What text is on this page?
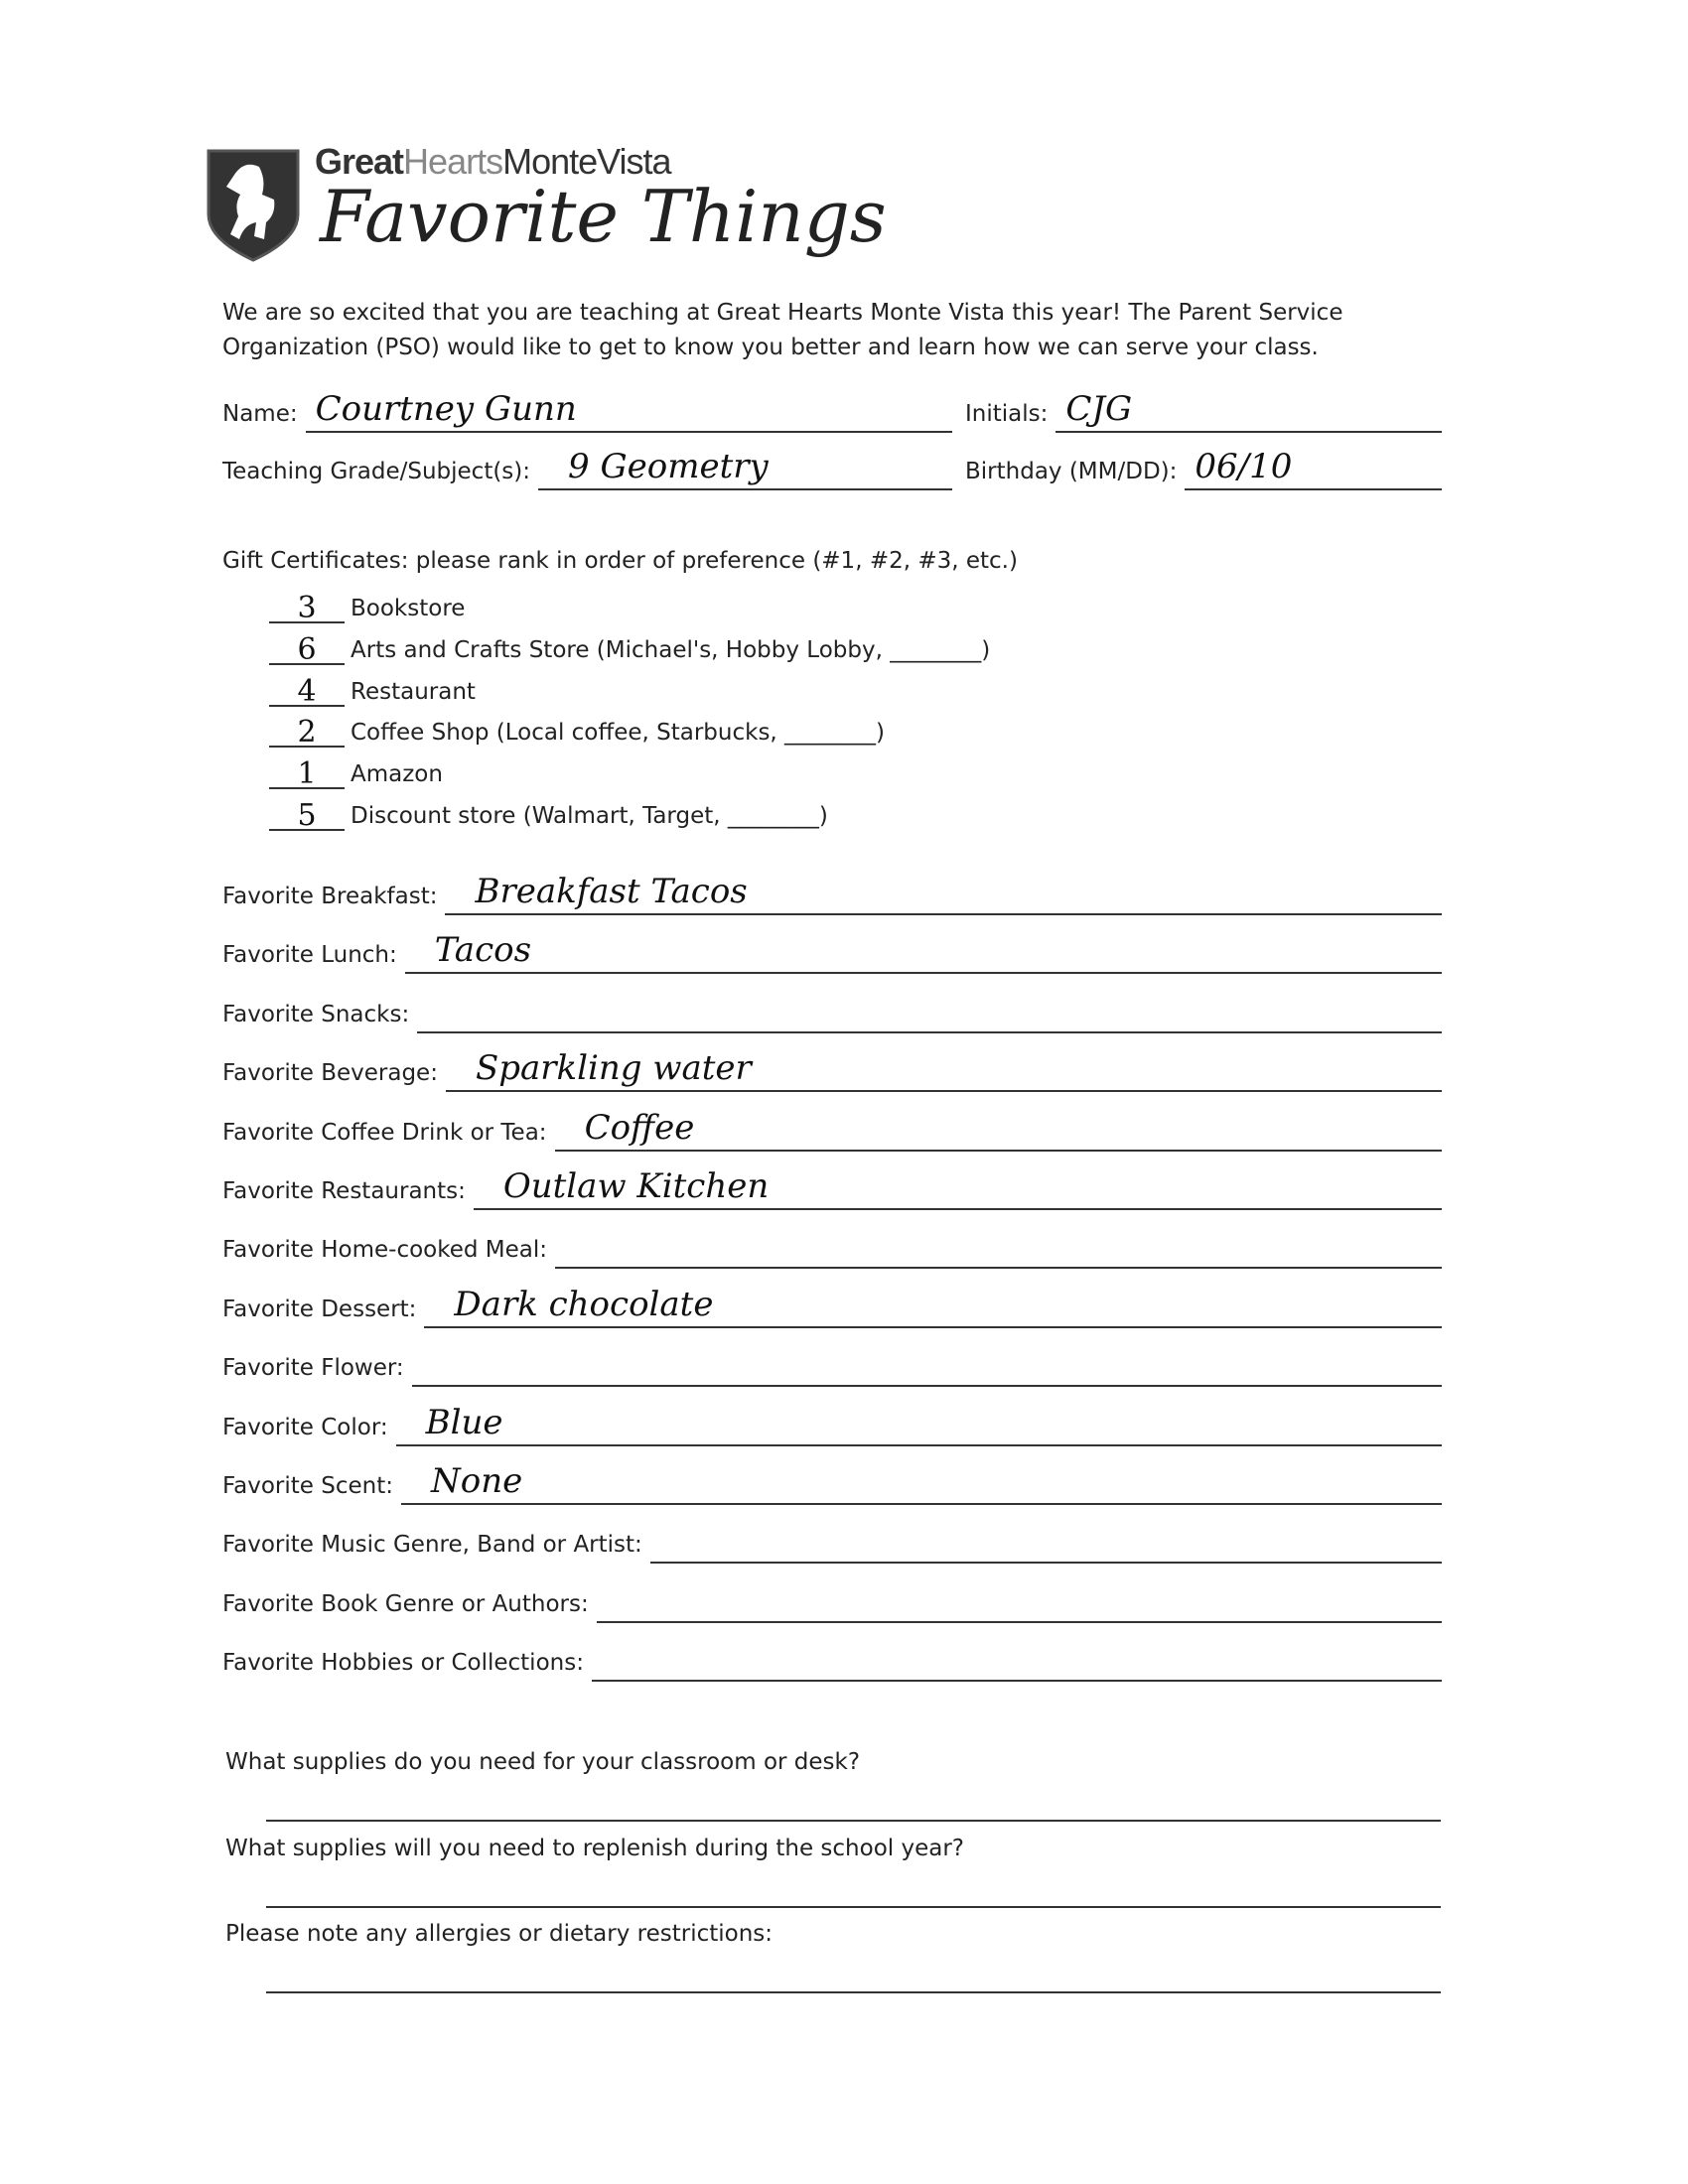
GreatHeartsMonteVista
Favorite Things
We are so excited that you are teaching at Great Hearts Monte Vista this year! The Parent Service
Organization (PSO) would like to get to know you better and learn how we can serve your class.
Name: Courtney Gunn	Initials: CJG
Teaching Grade/Subject(s): 9 Geometry	Birthday (MM/DD): 06/10
Gift Certificates: please rank in order of preference (#1, #2, #3, etc.)
3	Bookstore
6	Arts and Crafts Store (Michael's, Hobby Lobby, ________)
4	Restaurant
2	Coffee Shop (Local coffee, Starbucks, ________)
1	Amazon
5	Discount store (Walmart, Target, ________)
Favorite Breakfast: Breakfast Tacos
Favorite Lunch: Tacos
Favorite Snacks:
Favorite Beverage: Sparkling water
Favorite Coffee Drink or Tea: Coffee
Favorite Restaurants: Outlaw Kitchen
Favorite Home-cooked Meal:
Favorite Dessert: Dark chocolate
Favorite Flower:
Favorite Color: Blue
Favorite Scent: None
Favorite Music Genre, Band or Artist:
Favorite Book Genre or Authors:
Favorite Hobbies or Collections:
What supplies do you need for your classroom or desk?
What supplies will you need to replenish during the school year?
Please note any allergies or dietary restrictions:
